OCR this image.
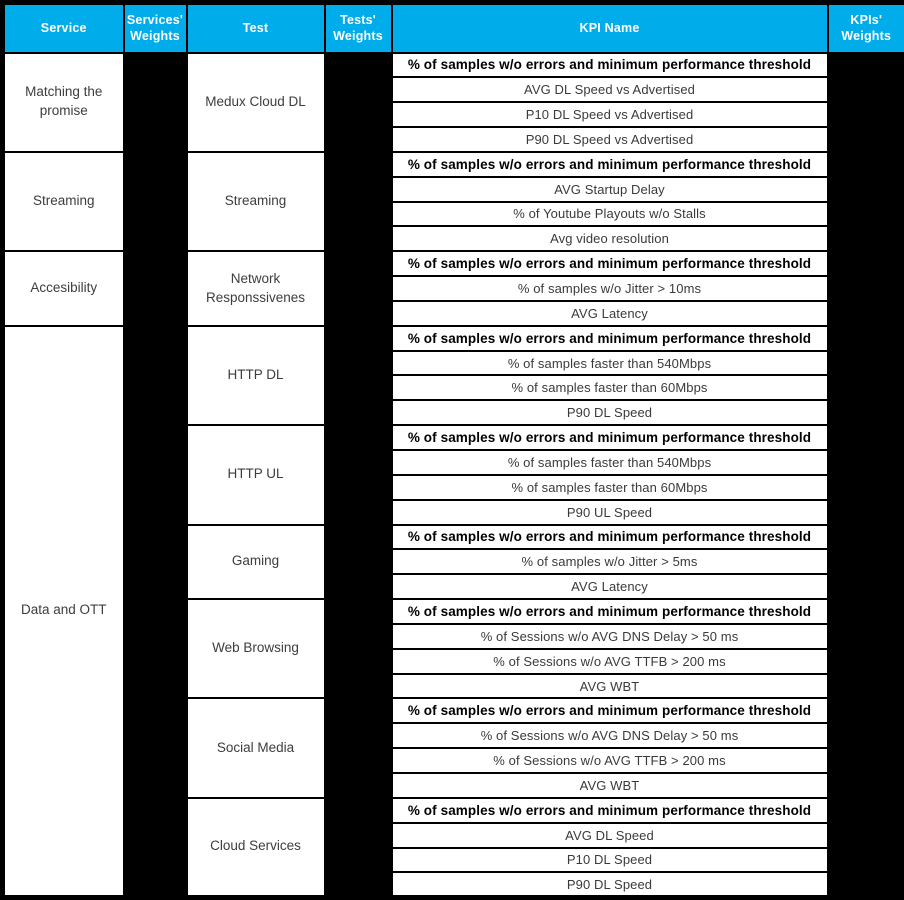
Service	Services' Weights	Test	Tests' Weights	KPI Name	KPIs' Weights
Matching the promise		Medux Cloud DL		% of samples w/o errors and minimum performance threshold	
				AVG DL Speed vs Advertised	
				P10 DL Speed vs Advertised	
				P90 DL Speed vs Advertised	
Streaming		Streaming		% of samples w/o errors and minimum performance threshold	
				AVG Startup Delay	
				% of Youtube Playouts w/o Stalls	
				Avg video resolution	
Accesibility		Network Responssivenes		% of samples w/o errors and minimum performance threshold	
				% of samples w/o Jitter > 10ms	
				AVG Latency	
Data and OTT		HTTP DL		% of samples w/o errors and minimum performance threshold	
				% of samples faster than 540Mbps	
				% of samples faster than 60Mbps	
				P90 DL Speed	
		HTTP UL		% of samples w/o errors and minimum performance threshold	
				% of samples faster than 540Mbps	
				% of samples faster than 60Mbps	
				P90 UL Speed	
		Gaming		% of samples w/o errors and minimum performance threshold	
				% of samples w/o Jitter > 5ms	
				AVG Latency	
		Web Browsing		% of samples w/o errors and minimum performance threshold	
				% of Sessions w/o AVG DNS Delay > 50 ms	
				% of Sessions w/o AVG TTFB > 200 ms	
				AVG WBT	
		Social Media		% of samples w/o errors and minimum performance threshold	
				% of Sessions w/o AVG DNS Delay > 50 ms	
				% of Sessions w/o AVG TTFB > 200 ms	
				AVG WBT	
		Cloud Services		% of samples w/o errors and minimum performance threshold	
				AVG DL Speed	
				P10 DL Speed	
				P90 DL Speed	
